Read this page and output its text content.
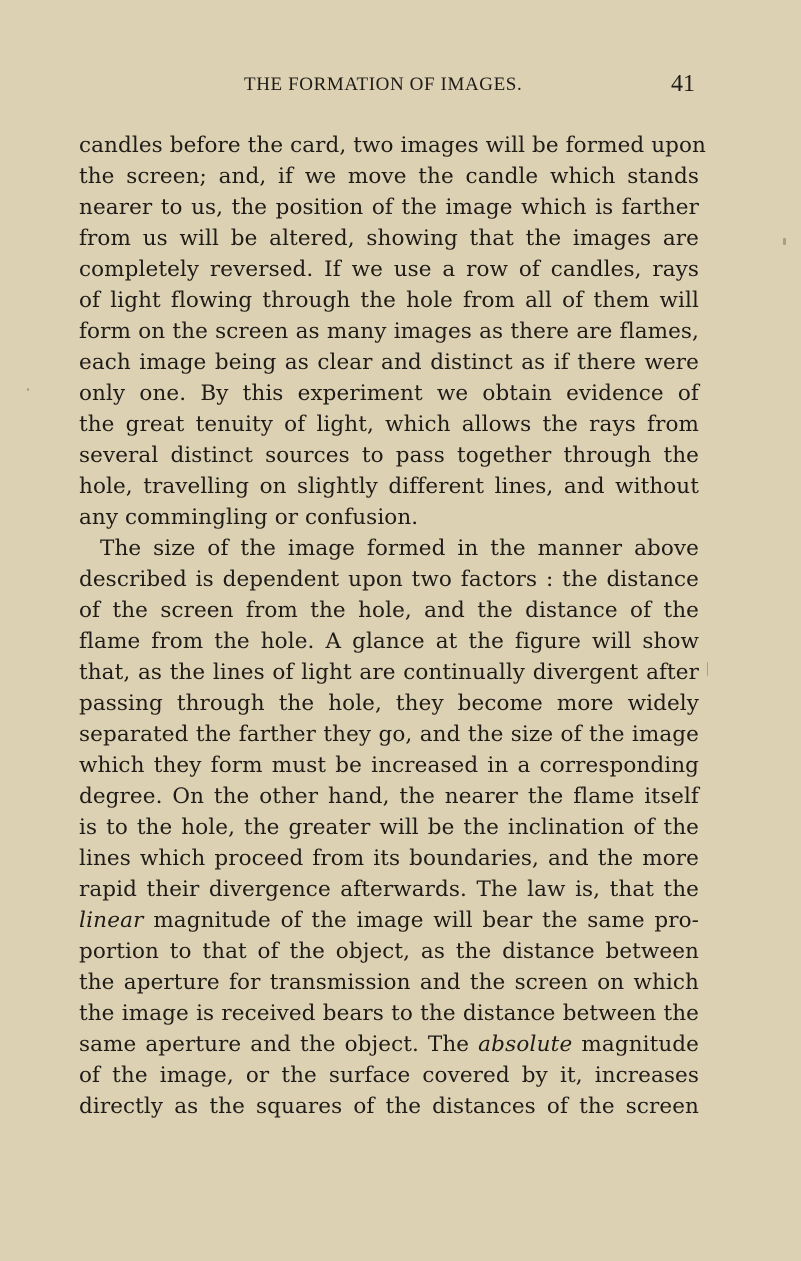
THE FORMATION OF IMAGES.	41
candles before the card, two images will be formed upon
the screen; and, if we move the candle which stands
nearer to us, the position of the image which is farther
from us will be altered, showing that the images are
completely reversed. If we use a row of candles, rays
of light flowing through the hole from all of them will
form on the screen as many images as there are flames,
each image being as clear and distinct as if there were
only one. By this experiment we obtain evidence of
the great tenuity of light, which allows the rays from
several distinct sources to pass together through the
hole, travelling on slightly different lines, and without
any commingling or confusion.
The size of the image formed in the manner above
described is dependent upon two factors : the distance
of the screen from the hole, and the distance of the
flame from the hole. A glance at the figure will show
that, as the lines of light are continually divergent after
passing through the hole, they become more widely
separated the farther they go, and the size of the image
which they form must be increased in a corresponding
degree. On the other hand, the nearer the flame itself
is to the hole, the greater will be the inclination of the
lines which proceed from its boundaries, and the more
rapid their divergence afterwards. The law is, that the
linear magnitude of the image will bear the same pro-
portion to that of the object, as the distance between
the aperture for transmission and the screen on which
the image is received bears to the distance between the
same aperture and the object. The absolute magnitude
of the image, or the surface covered by it, increases
directly as the squares of the distances of the screen
